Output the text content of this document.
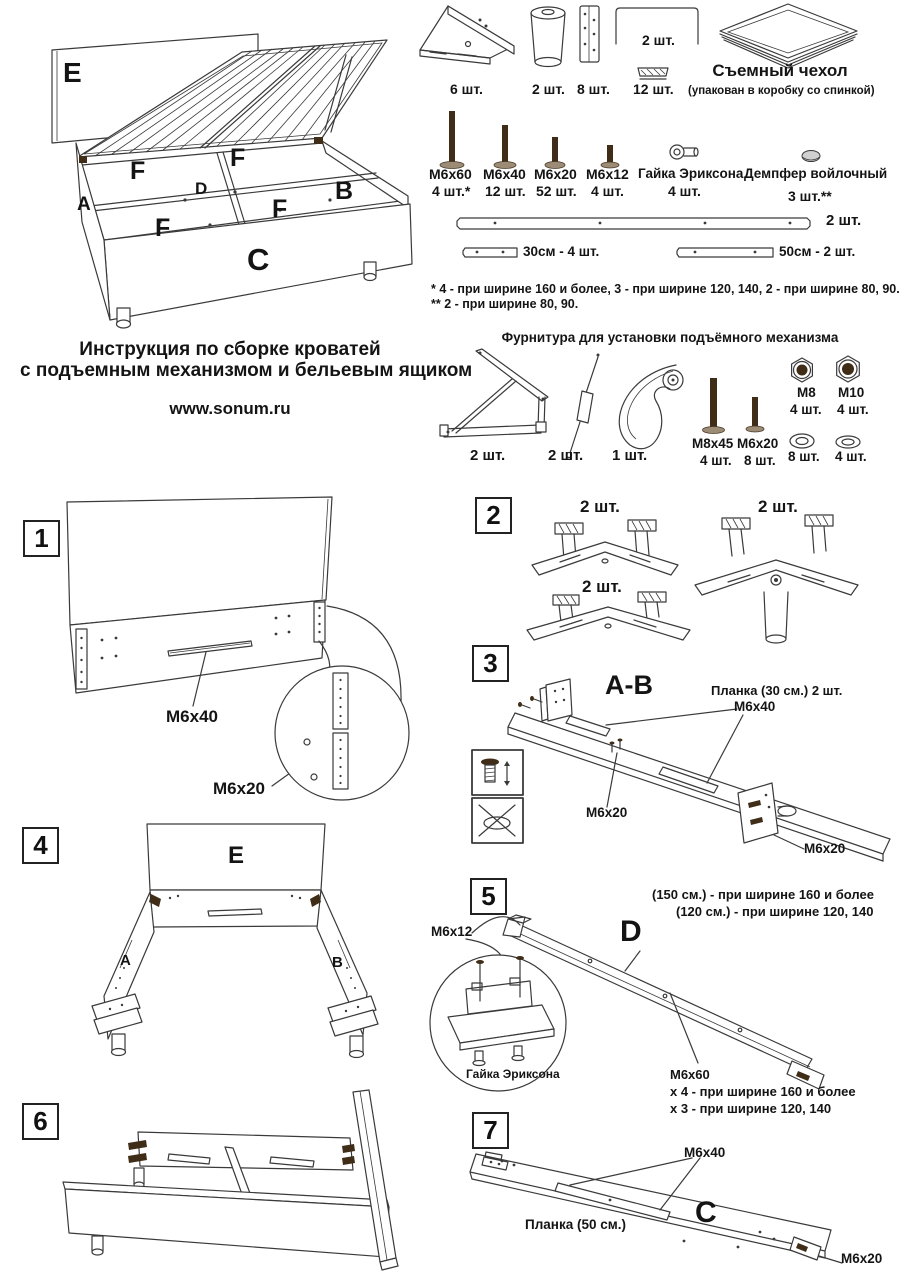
E
F	F
D	B
A	F
F
C
6 шт.	2 шт. 8 шт.
2 шт.
12 шт.
Съемный чехол
(упакован в коробку со спинкой)
М6х60
4 шт.*
М6х40
12 шт.
М6х20
52 шт.
М6х12
4 шт.
Гайка Эриксона
4 шт.
Демпфер войлочный
3 шт.**
2 шт.
30см - 4 шт.	50см - 2 шт.
* 4 - при ширине 160 и более, 3 - при ширине 120, 140, 2 - при ширине 80, 90.
** 2 - при ширине 80, 90.
Инструкция по сборке кроватей
с подъемным механизмом и бельевым ящиком
www.sonum.ru
Фурнитура для установки подъёмного механизма
2 шт.	2 шт. 1 шт.
М8х45
4 шт.
М6х20
8 шт.
М8
4 шт.
М10
4 шт.
8 шт. 4 шт.
1
2
3
4
5
6	7
М6х40
М6х20
2 шт.	2 шт.
2 шт.
A-B	Планка (30 см.) 2 шт.
М6х40
М6х20
М6х20
E
A	B
(150 см.) - при ширине 160 и более
(120 см.) - при ширине 120, 140
D
М6х12
Гайка Эриксона	М6х60
х 4 - при ширине 160 и более
х 3 - при ширине 120, 140
М6х40
Планка (50 см.) C
М6х20
